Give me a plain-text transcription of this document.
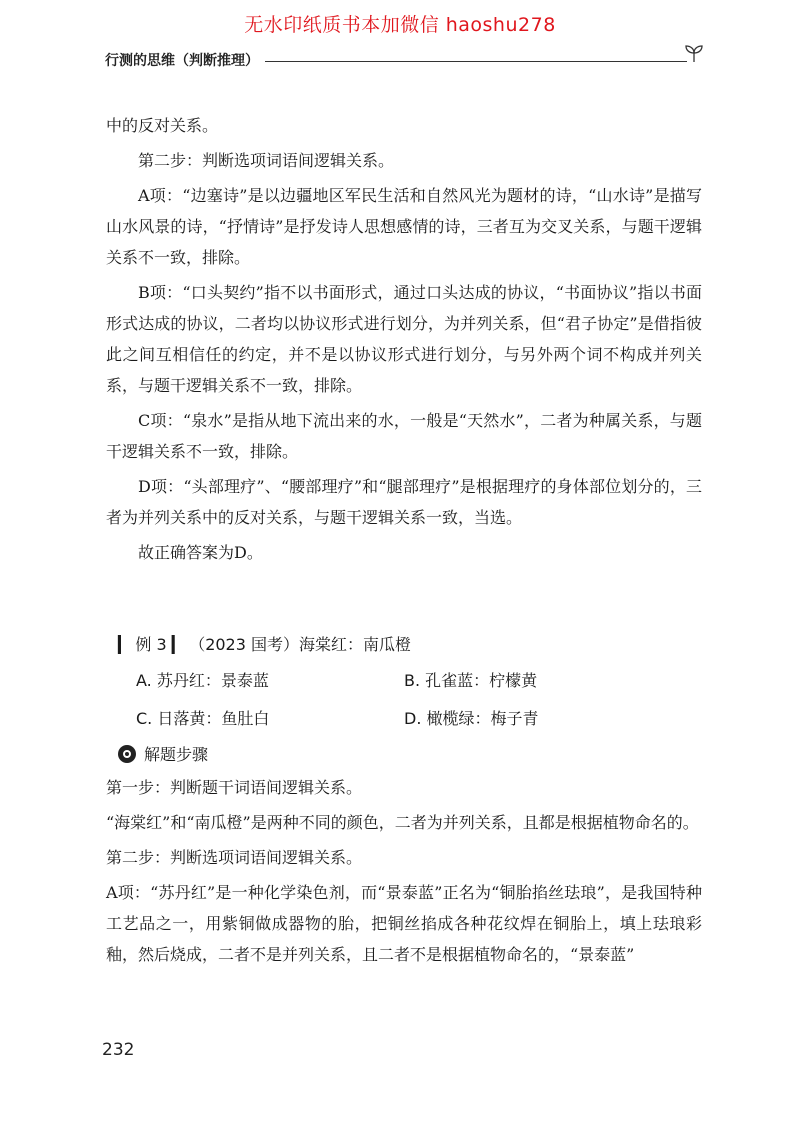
无水印纸质书本加微信 haoshu278
行测的思维（判断推理）

中的反对关系。

第二步：判断选项词语间逻辑关系。

A项：“边塞诗”是以边疆地区军民生活和自然风光为题材的诗，“山水诗”是描写山水风景的诗，“抒情诗”是抒发诗人思想感情的诗，三者互为交叉关系，与题干逻辑关系不一致，排除。

B项：“口头契约”指不以书面形式，通过口头达成的协议，“书面协议”指以书面形式达成的协议，二者均以协议形式进行划分，为并列关系，但“君子协定”是借指彼此之间互相信任的约定，并不是以协议形式进行划分，与另外两个词不构成并列关系，与题干逻辑关系不一致，排除。

C项：“泉水”是指从地下流出来的水，一般是“天然水”，二者为种属关系，与题干逻辑关系不一致，排除。

D项：“头部理疗”、“腰部理疗”和“腿部理疗”是根据理疗的身体部位划分的，三者为并列关系中的反对关系，与题干逻辑关系一致，当选。

故正确答案为D。

▎ 例 3 ▎ （2023 国考）海棠红：南瓜橙
A. 苏丹红：景泰蓝	B. 孔雀蓝：柠檬黄
C. 日落黄：鱼肚白	D. 橄榄绿：梅子青
解题步骤

第一步：判断题干词语间逻辑关系。

“海棠红”和“南瓜橙”是两种不同的颜色，二者为并列关系，且都是根据植物命名的。

第二步：判断选项词语间逻辑关系。

A项：“苏丹红”是一种化学染色剂，而“景泰蓝”正名为“铜胎掐丝珐琅”，是我国特种工艺品之一，用紫铜做成器物的胎，把铜丝掐成各种花纹焊在铜胎上，填上珐琅彩釉，然后烧成，二者不是并列关系，且二者不是根据植物命名的，“景泰蓝”

232
